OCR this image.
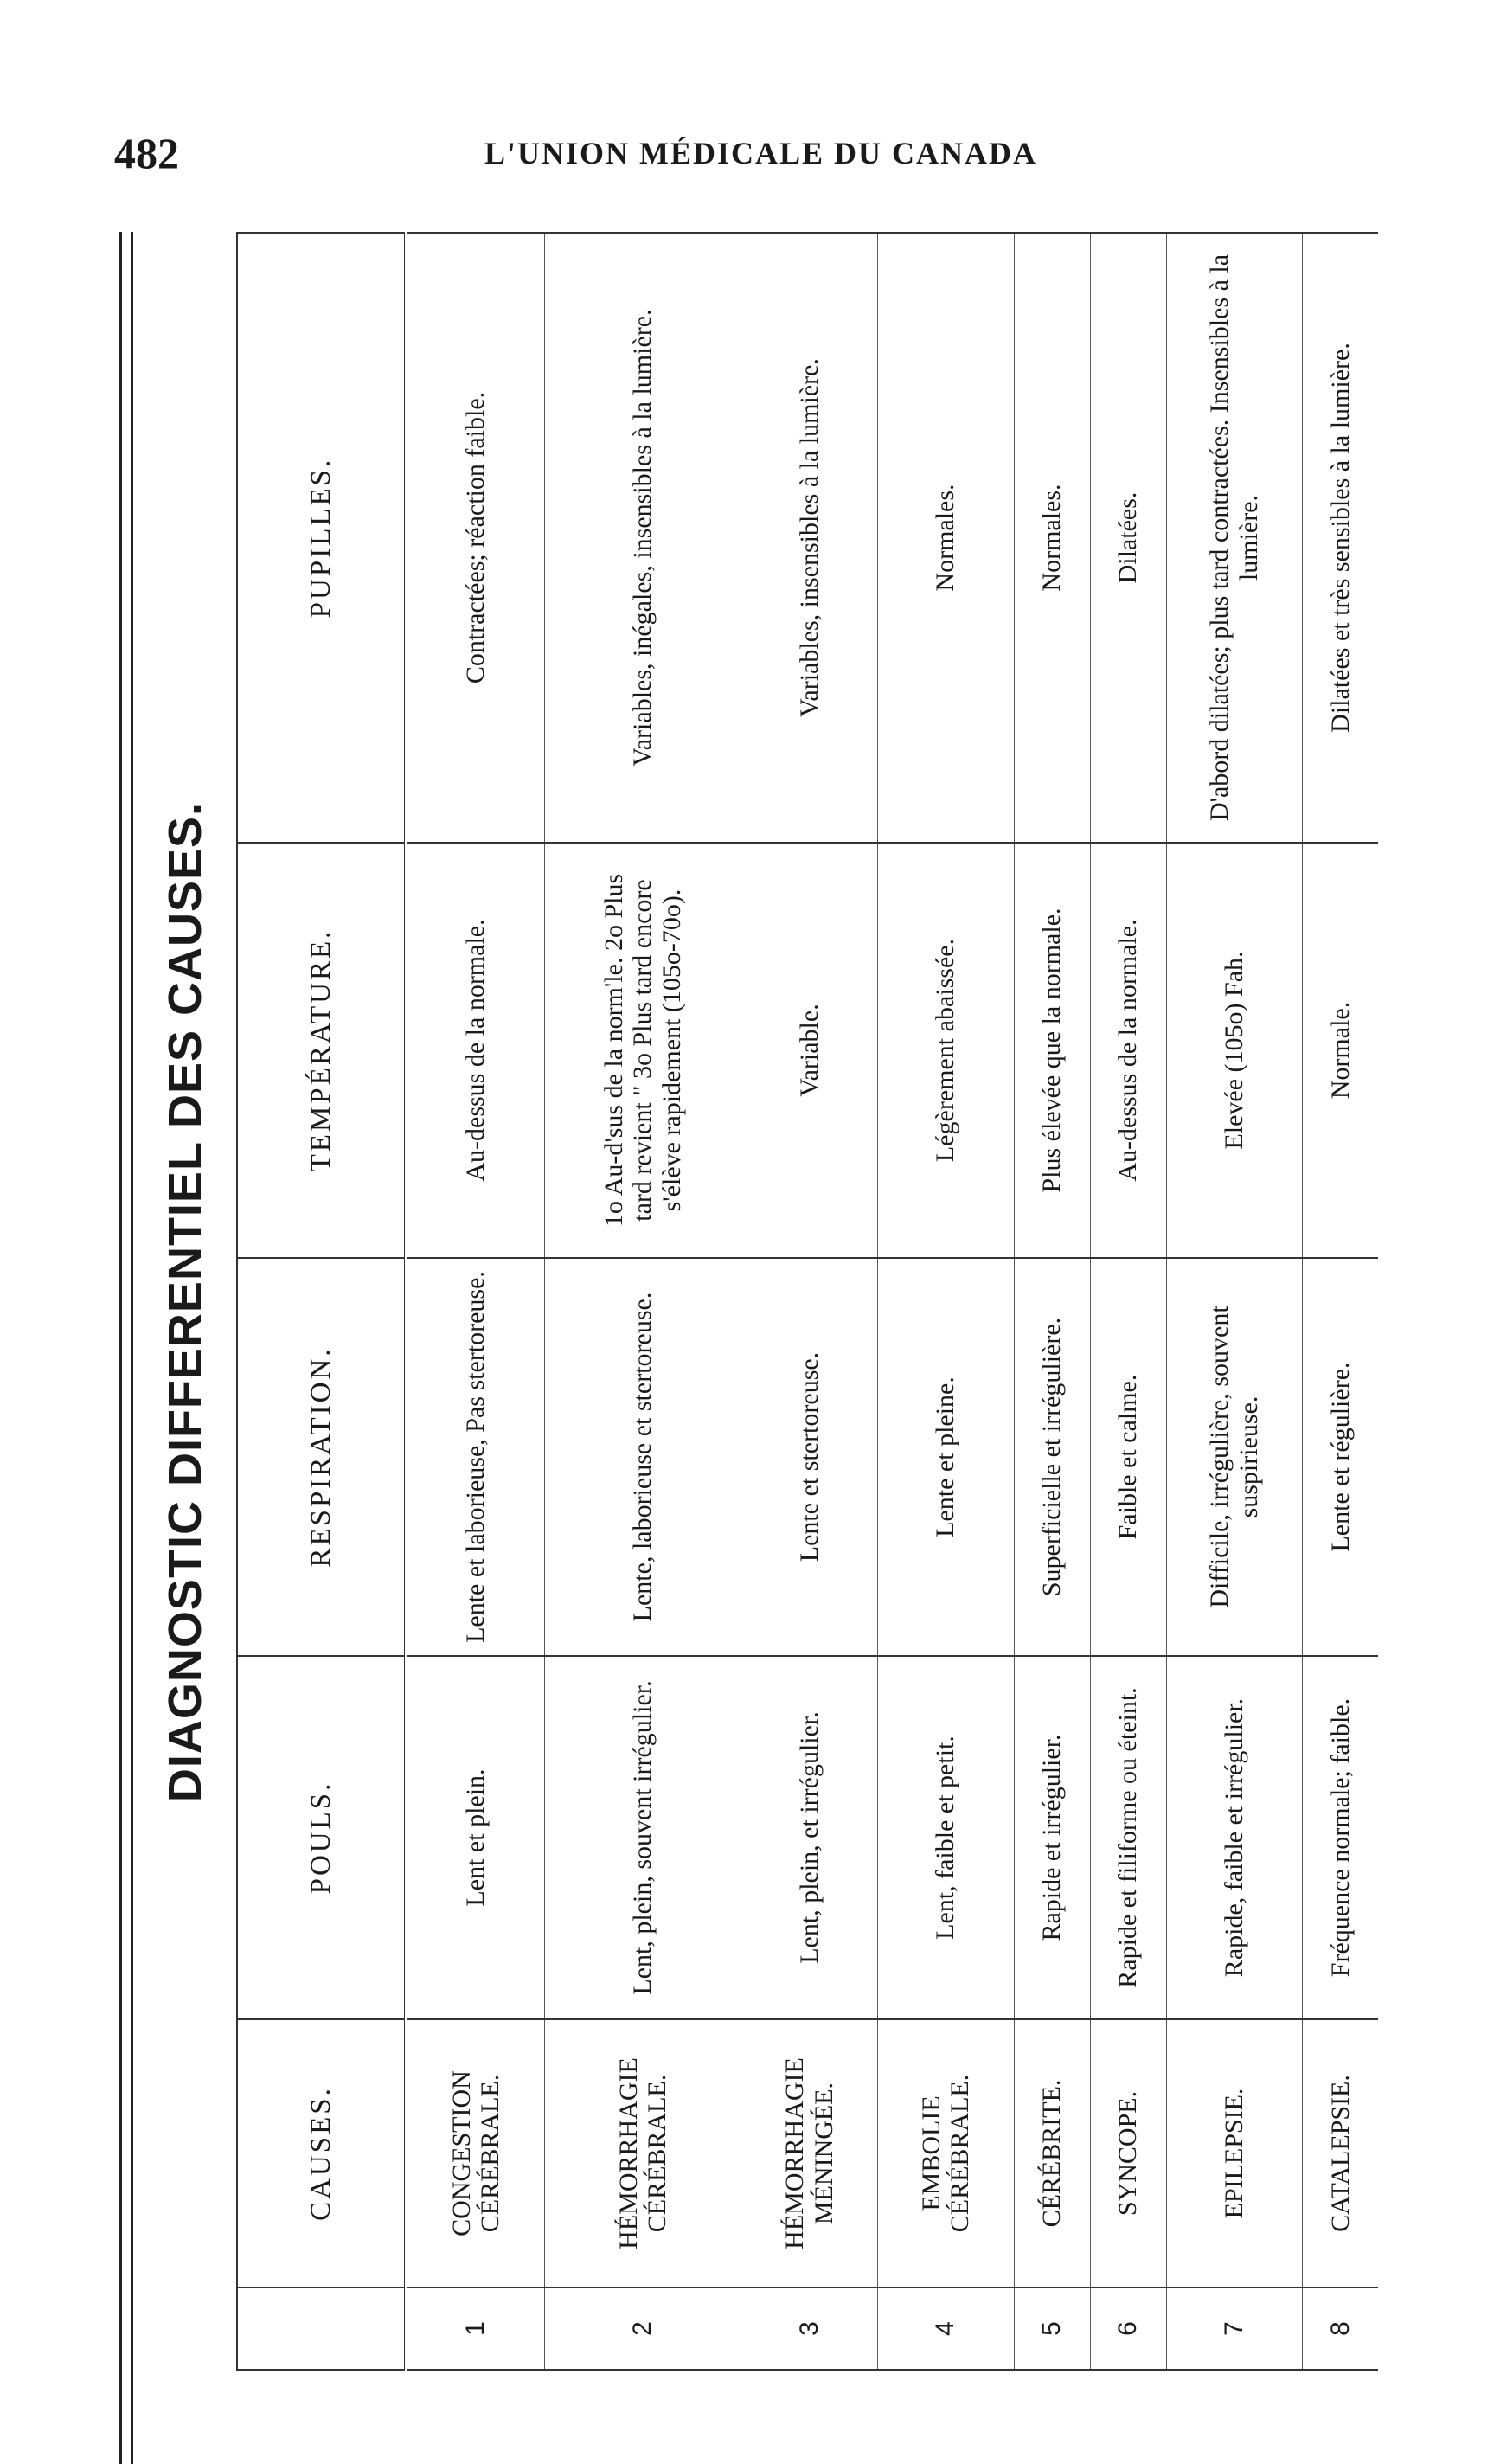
482	L'UNION MÉDICALE DU CANADA
DIAGNOSTIC DIFFERENTIEL DES CAUSES.
	CAUSES.	POULS.	RESPIRATION.	TEMPÉRATURE.	PUPILLES.
1	CONGESTION CÉRÉBRALE.	Lent et plein.	Lente et laborieuse, Pas stertoreuse.	Au-dessus de la normale.	Contractées; réaction faible.
2	HÉMORRHAGIE CÉRÉBRALE.	Lent, plein, souvent irrégulier.	Lente, laborieuse et stertoreuse.	1o Au-d'sus de la norm'le. 2o Plus tard revient " 3o Plus tard encore s'élève rapidement (105o-70o).	Variables, inégales, insensibles à la lumière.
3	HÉMORRHAGIE MÉNINGÉE.	Lent, plein, et irrégulier.	Lente et stertoreuse.	Variable.	Variables, insensibles à la lumière.
4	EMBOLIE CÉRÉBRALE.	Lent, faible et petit.	Lente et pleine.	Légèrement abaissée.	Normales.
5	CÉRÉBRITE.	Rapide et irrégulier.	Superficielle et irrégulière.	Plus élevée que la normale.	Normales.
6	SYNCOPE.	Rapide et filiforme ou éteint.	Faible et calme.	Au-dessus de la normale.	Dilatées.
7	EPILEPSIE.	Rapide, faible et irrégulier.	Difficile, irrégulière, souvent suspirieuse.	Elevée (105o) Fah.	D'abord dilatées; plus tard contractées. Insensibles à la lumière.
8	CATALEPSIE.	Fréquence normale; faible.	Lente et régulière.	Normale.	Dilatées et très sensibles à la lumière.
